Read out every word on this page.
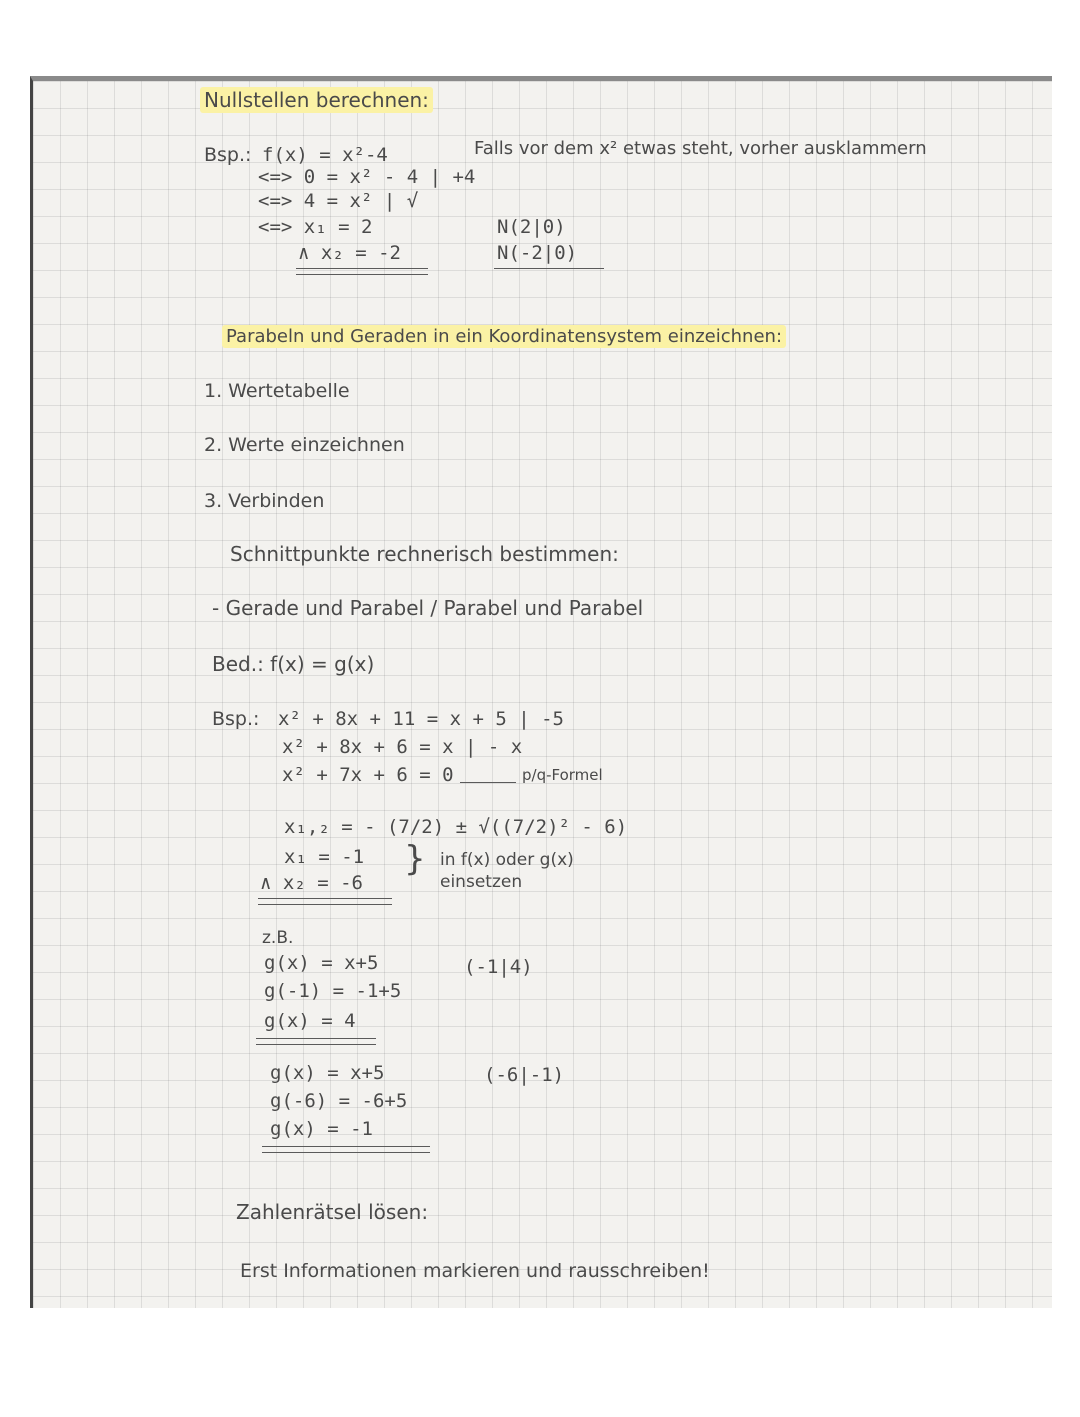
Nullstellen berechnen:
Bsp.: f(x) = x²-4	Falls vor dem x² etwas steht, vorher ausklammern
<=> 0 = x² - 4 | +4
<=> 4 = x² | √
<=> x₁ = 2
∧ x₂ = -2
N(2|0)
N(-2|0)
Parabeln und Geraden in ein Koordinatensystem einzeichnen:
1. Wertetabelle
2. Werte einzeichnen
3. Verbinden
Schnittpunkte rechnerisch bestimmen:
- Gerade und Parabel / Parabel und Parabel
Bed.: f(x) = g(x)
Bsp.: x² + 8x + 11 = x + 5 | -5
x² + 8x + 6 = x | - x
x² + 7x + 6 = 0	p/q-Formel
x₁,₂ = - (7/2) ± √((7/2)² - 6)
x₁ = -1
∧ x₂ = -6
} in f(x) oder g(x)
einsetzen
z.B.
g(x) = x+5
g(-1) = -1+5
g(x) = 4
(-1|4)
g(x) = x+5
g(-6) = -6+5
g(x) = -1
(-6|-1)
Zahlenrätsel lösen:
Erst Informationen markieren und rausschreiben!
